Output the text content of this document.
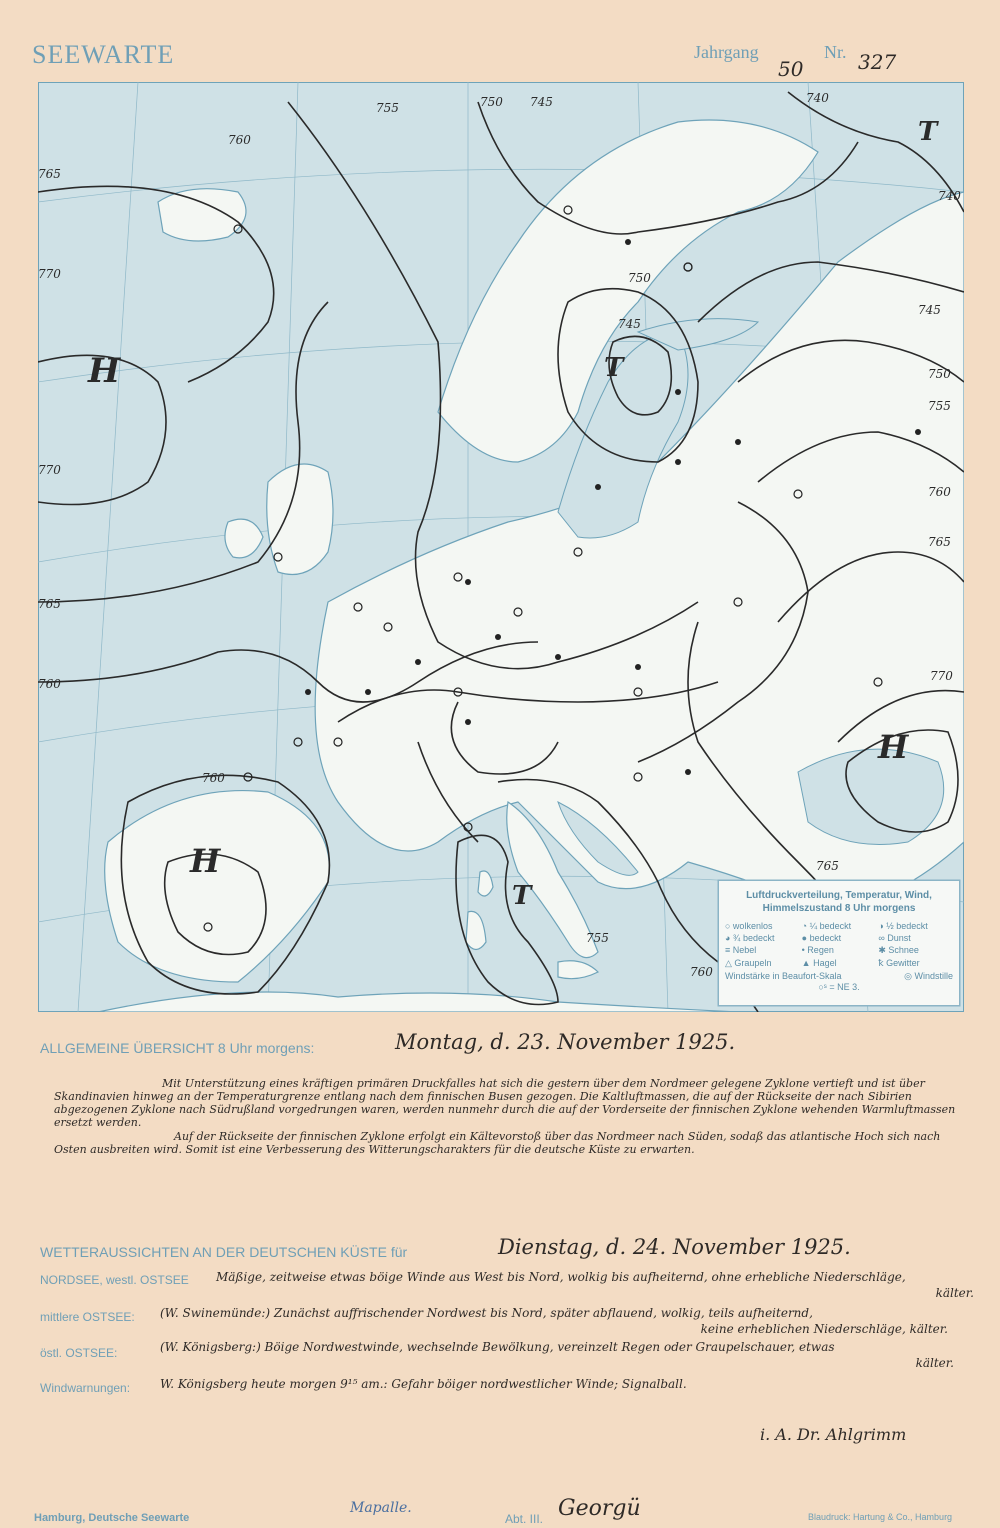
SEEWARTE	Jahrgang
50
Nr. 327
760
755	750 745	740
740
745
750
755
760
765
770
765
770
770
765
760
760
765
760
755
745
750
H	T
T
H
H
T	Luftdruckverteilung, Temperatur, Wind,
Himmelszustand 8 Uhr morgens
○ wolkenlos	◔ ¼ bedeckt	◑ ½ bedeckt
◕ ¾ bedeckt	● bedeckt	∞ Dunst
≡ Nebel	• Regen	✱ Schnee
△ Graupeln	▲ Hagel	ꝁ Gewitter
Windstärke in Beaufort-Skala	◎ Windstille
○ˢ = NE 3.
ALLGEMEINE ÜBERSICHT 8 Uhr morgens:	Montag, d. 23. November 1925.
Mit Unterstützung eines kräftigen primären Druckfalles hat sich die gestern über dem Nordmeer gelegene Zyklone vertieft und ist über Skandinavien hinweg an der Temperaturgrenze entlang nach dem finnischen Busen gezogen. Die Kaltluftmassen, die auf der Rückseite der nach Sibirien abgezogenen Zyklone nach Südrußland vorgedrungen waren, werden nunmehr durch die auf der Vorderseite der finnischen Zyklone wehenden Warmluftmassen ersetzt werden.
Auf der Rückseite der finnischen Zyklone erfolgt ein Kältevorstoß über das Nordmeer nach Süden, sodaß das atlantische Hoch sich nach Osten ausbreiten wird. Somit ist eine Verbesserung des Witterungscharakters für die deutsche Küste zu erwarten.
WETTERAUSSICHTEN AN DER DEUTSCHEN KÜSTE für	Dienstag, d. 24. November 1925.
NORDSEE, westl. OSTSEE Mäßige, zeitweise etwas böige Winde aus West bis Nord, wolkig bis aufheiternd, ohne erhebliche Niederschläge,
kälter.
mittlere OSTSEE: (W. Swinemünde:) Zunächst auffrischender Nordwest bis Nord, später abflauend, wolkig, teils aufheiternd,
keine erheblichen Niederschläge, kälter.
östl. OSTSEE:	(W. Königsberg:) Böige Nordwestwinde, wechselnde Bewölkung, vereinzelt Regen oder Graupelschauer, etwas
kälter.
Windwarnungen: W. Königsberg heute morgen 9¹⁵ am.: Gefahr böiger nordwestlicher Winde; Signalball.
i. A. Dr. Ahlgrimm
Hamburg, Deutsche Seewarte
Mapalle.
Abt. III. Georgü	Blaudruck: Hartung & Co., Hamburg
